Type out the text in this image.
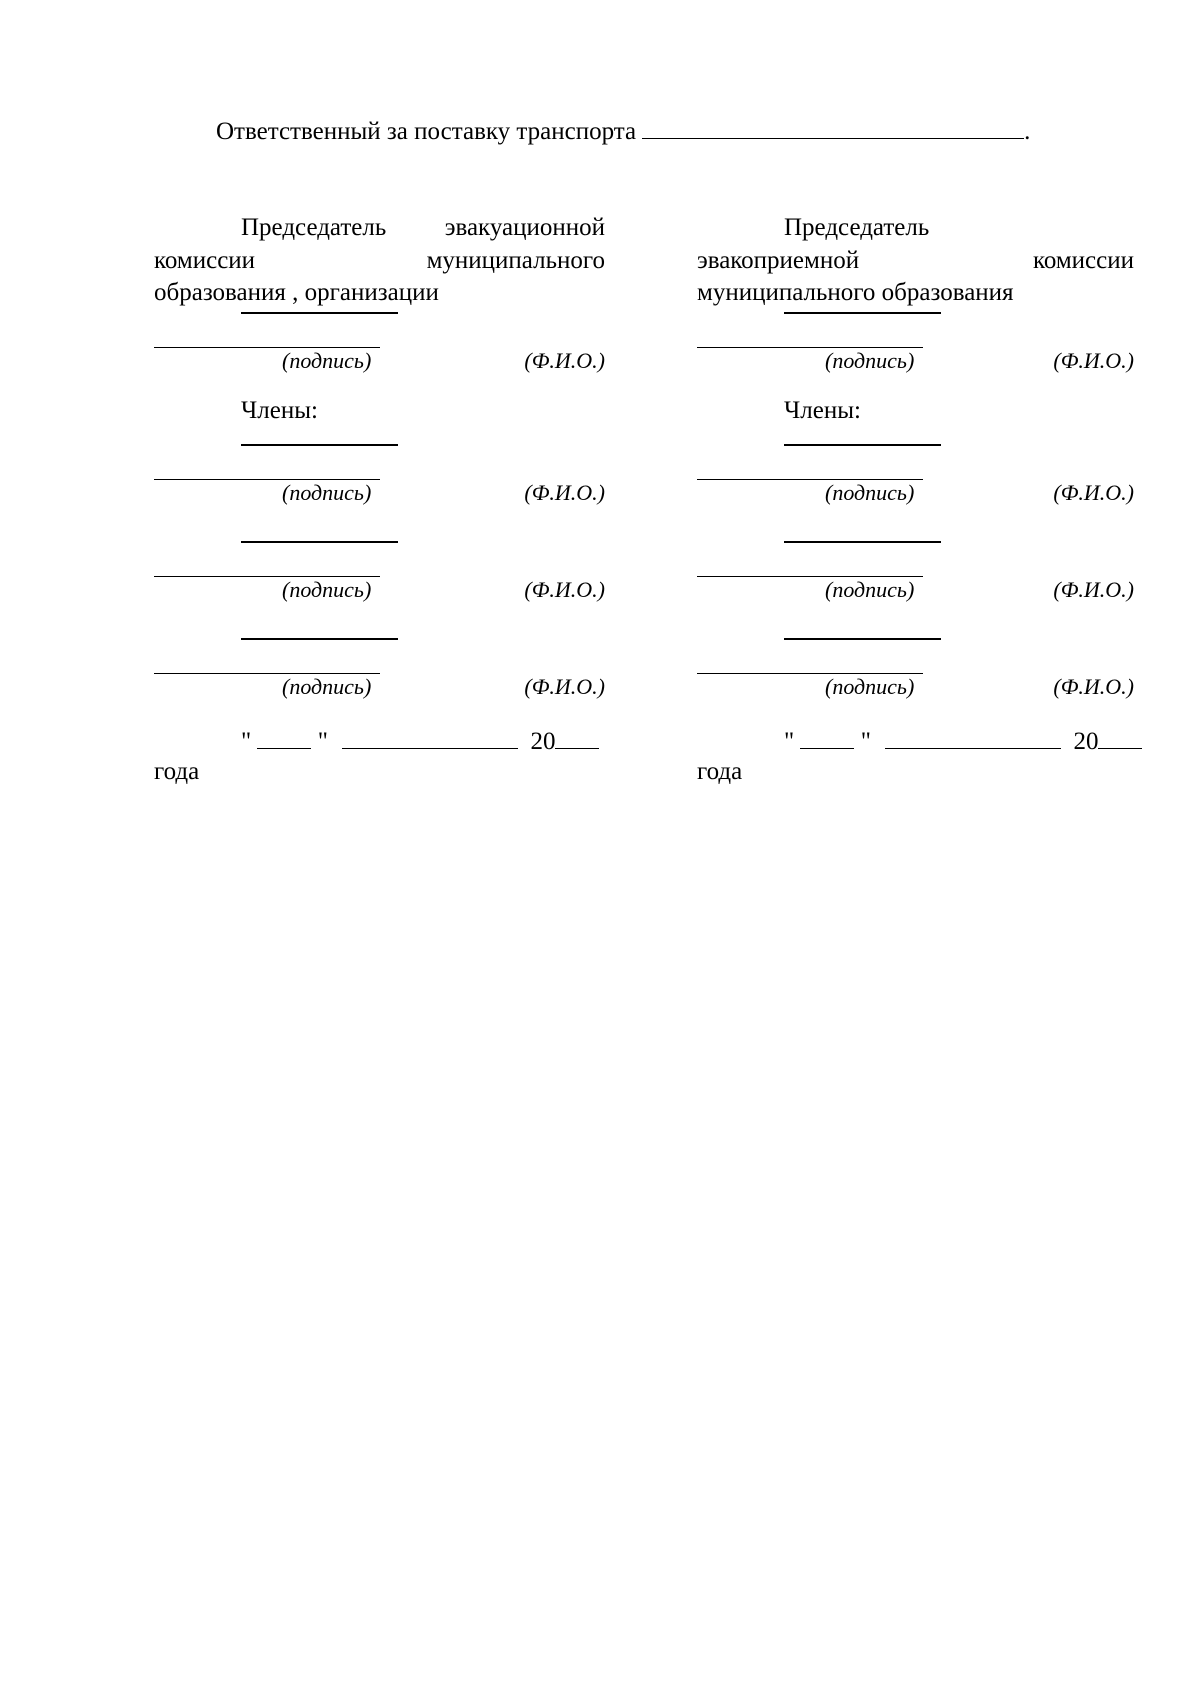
Ответственный за поставку транспорта	.
Председатель эвакуационной
комиссии	муниципального
образования , организации
(подпись)	(Ф.И.О.)
Члены:
(подпись)	(Ф.И.О.)
(подпись)	(Ф.И.О.)
(подпись)	(Ф.И.О.)
"	"	20
года
Председатель
эвакоприемной	комиссии
муниципального образования
(подпись)	(Ф.И.О.)
Члены:
(подпись)	(Ф.И.О.)
(подпись)	(Ф.И.О.)
(подпись)	(Ф.И.О.)
"	"	20
года
